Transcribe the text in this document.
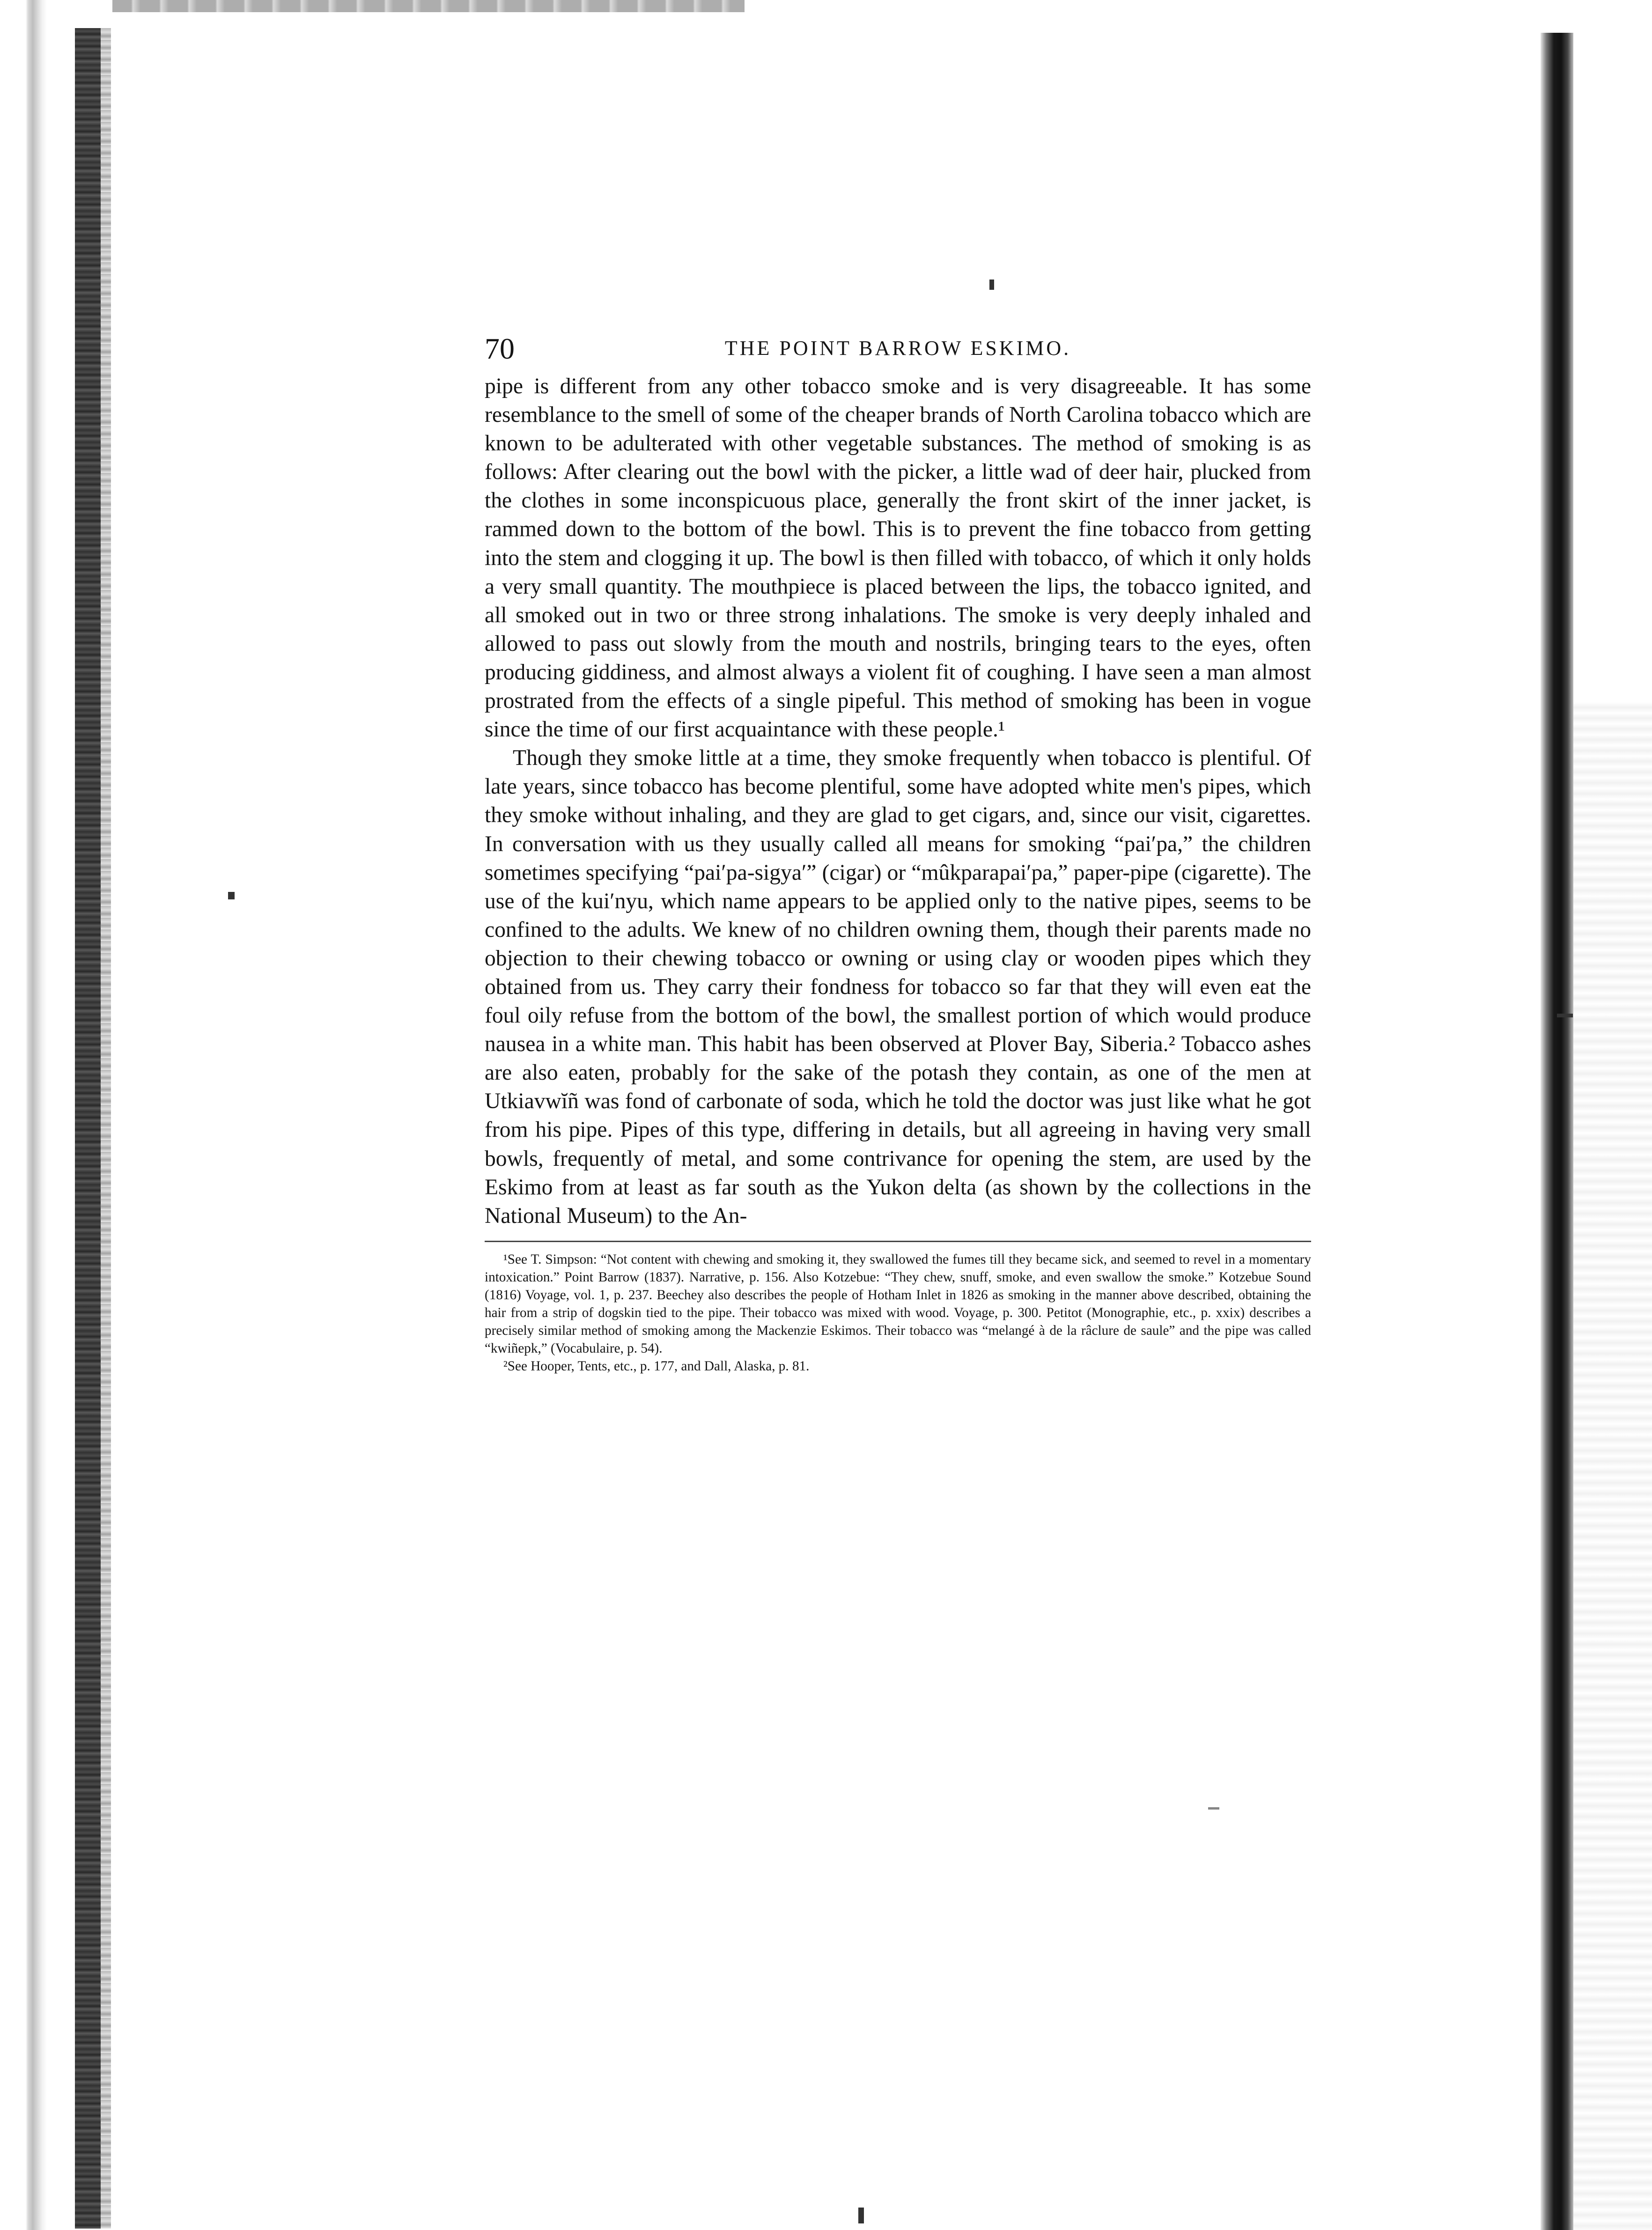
70	THE POINT BARROW ESKIMO.

pipe is different from any other tobacco smoke and is very disagreeable. It has some resemblance to the smell of some of the cheaper brands of North Carolina tobacco which are known to be adulterated with other vegetable substances. The method of smoking is as follows: After clearing out the bowl with the picker, a little wad of deer hair, plucked from the clothes in some inconspicuous place, generally the front skirt of the inner jacket, is rammed down to the bottom of the bowl. This is to prevent the fine tobacco from getting into the stem and clogging it up. The bowl is then filled with tobacco, of which it only holds a very small quantity. The mouthpiece is placed between the lips, the tobacco ignited, and all smoked out in two or three strong inhalations. The smoke is very deeply inhaled and allowed to pass out slowly from the mouth and nostrils, bringing tears to the eyes, often producing giddiness, and almost always a violent fit of coughing. I have seen a man almost prostrated from the effects of a single pipeful. This method of smoking has been in vogue since the time of our first acquaintance with these people.¹

Though they smoke little at a time, they smoke frequently when tobacco is plentiful. Of late years, since tobacco has become plentiful, some have adopted white men's pipes, which they smoke without inhaling, and they are glad to get cigars, and, since our visit, cigarettes. In conversation with us they usually called all means for smoking “pai′pa,” the children sometimes specifying “pai′pa-sigya′” (cigar) or “mûkparapai′pa,” paper-pipe (cigarette). The use of the kui′nyu, which name appears to be applied only to the native pipes, seems to be confined to the adults. We knew of no children owning them, though their parents made no objection to their chewing tobacco or owning or using clay or wooden pipes which they obtained from us. They carry their fondness for tobacco so far that they will even eat the foul oily refuse from the bottom of the bowl, the smallest portion of which would produce nausea in a white man. This habit has been observed at Plover Bay, Siberia.² Tobacco ashes are also eaten, probably for the sake of the potash they contain, as one of the men at Utkiavwĭñ was fond of carbonate of soda, which he told the doctor was just like what he got from his pipe. Pipes of this type, differing in details, but all agreeing in having very small bowls, frequently of metal, and some contrivance for opening the stem, are used by the Eskimo from at least as far south as the Yukon delta (as shown by the collections in the National Museum) to the An-

¹See T. Simpson: “Not content with chewing and smoking it, they swallowed the fumes till they became sick, and seemed to revel in a momentary intoxication.” Point Barrow (1837). Narrative, p. 156. Also Kotzebue: “They chew, snuff, smoke, and even swallow the smoke.” Kotzebue Sound (1816) Voyage, vol. 1, p. 237. Beechey also describes the people of Hotham Inlet in 1826 as smoking in the manner above described, obtaining the hair from a strip of dogskin tied to the pipe. Their tobacco was mixed with wood. Voyage, p. 300. Petitot (Monographie, etc., p. xxix) describes a precisely similar method of smoking among the Mackenzie Eskimos. Their tobacco was “melangé à de la râclure de saule” and the pipe was called “kwiñepk,” (Vocabulaire, p. 54).

²See Hooper, Tents, etc., p. 177, and Dall, Alaska, p. 81.
